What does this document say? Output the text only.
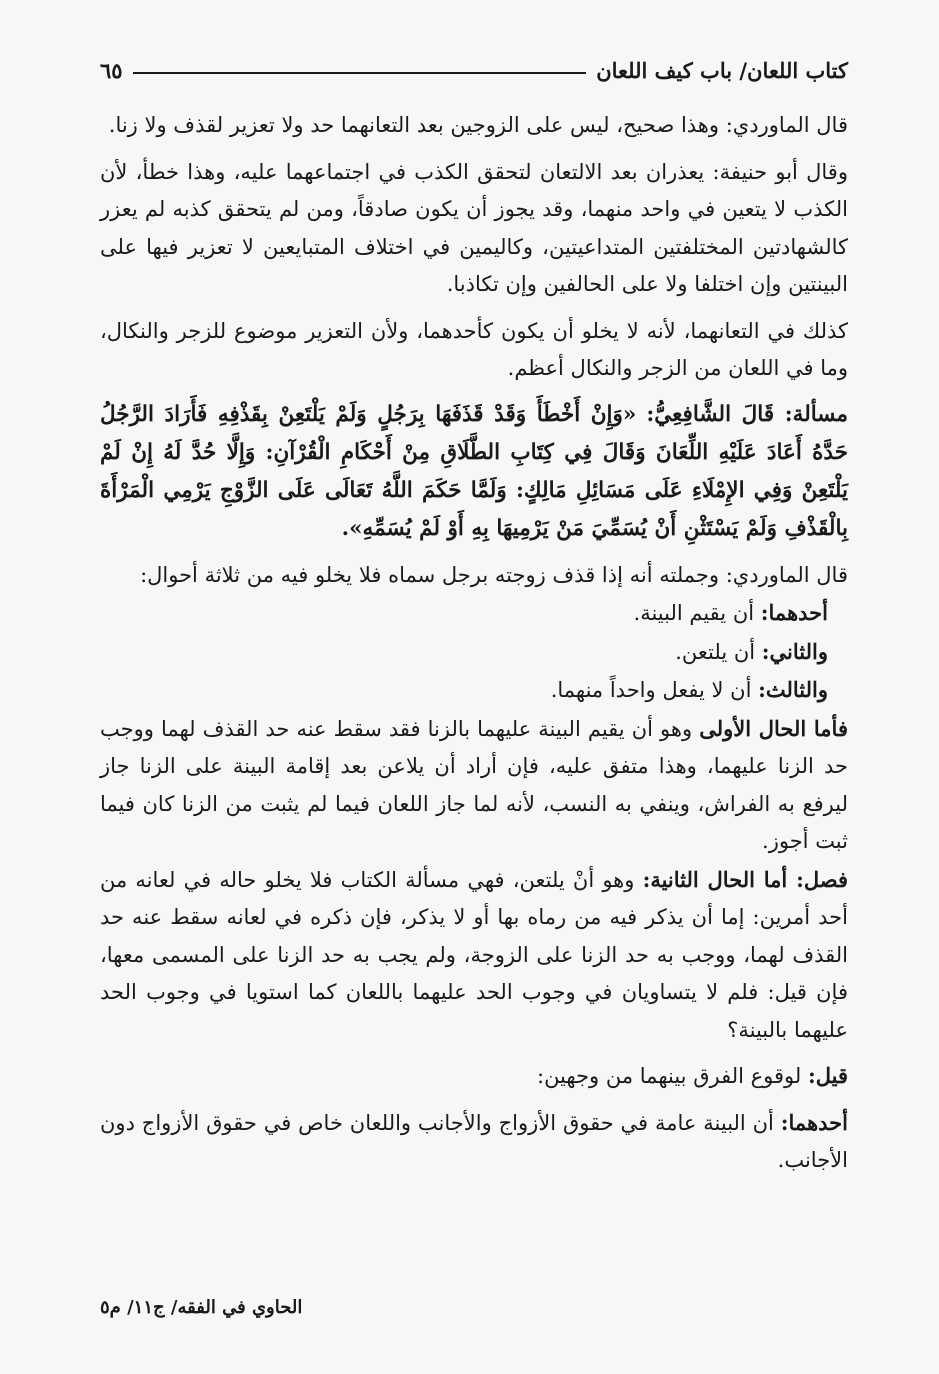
٦٥	كتاب اللعان/ باب كيف اللعان

قال الماوردي: وهذا صحيح، ليس على الزوجين بعد التعانهما حد ولا تعزير لقذف ولا زنا.

وقال أبو حنيفة: يعذران بعد الالتعان لتحقق الكذب في اجتماعهما عليه، وهذا خطأ، لأن الكذب لا يتعين في واحد منهما، وقد يجوز أن يكون صادقاً، ومن لم يتحقق كذبه لم يعزر كالشهادتين المختلفتين المتداعيتين، وكاليمين في اختلاف المتبايعين لا تعزير فيها على البينتين وإن اختلفا ولا على الحالفين وإن تكاذبا.

كذلك في التعانهما، لأنه لا يخلو أن يكون كأحدهما، ولأن التعزير موضوع للزجر والنكال، وما في اللعان من الزجر والنكال أعظم.

مسألة: قَالَ الشَّافِعِيُّ: «وَإِنْ أَخْطَأَ وَقَدْ قَذَفَهَا بِرَجُلٍ وَلَمْ يَلْتَعِنْ بِقَذْفِهِ فَأَرَادَ الرَّجُلُ حَدَّهُ أَعَادَ عَلَيْهِ اللِّعَانَ وَقَالَ فِي كِتَابِ الطَّلَاقِ مِنْ أَحْكَامِ الْقُرْآنِ: وَإِلَّا حُدَّ لَهُ إِنْ لَمْ يَلْتَعِنْ وَفِي الإِمْلَاءِ عَلَى مَسَائِلِ مَالِكٍ: وَلَمَّا حَكَمَ اللَّهُ تَعَالَى عَلَى الزَّوْجِ يَرْمِي الْمَرْأَةَ بِالْقَذْفِ وَلَمْ يَسْتَثْنِ أَنْ يُسَمِّيَ مَنْ يَرْمِيهَا بِهِ أَوْ لَمْ يُسَمِّهِ».

قال الماوردي: وجملته أنه إذا قذف زوجته برجل سماه فلا يخلو فيه من ثلاثة أحوال:

أحدهما: أن يقيم البينة.

والثاني: أن يلتعن.

والثالث: أن لا يفعل واحداً منهما.

فأما الحال الأولى وهو أن يقيم البينة عليهما بالزنا فقد سقط عنه حد القذف لهما ووجب حد الزنا عليهما، وهذا متفق عليه، فإن أراد أن يلاعن بعد إقامة البينة على الزنا جاز ليرفع به الفراش، وينفي به النسب، لأنه لما جاز اللعان فيما لم يثبت من الزنا كان فيما ثبت أجوز.

فصل: أما الحال الثانية: وهو أنْ يلتعن، فهي مسألة الكتاب فلا يخلو حاله في لعانه من أحد أمرين: إما أن يذكر فيه من رماه بها أو لا يذكر، فإن ذكره في لعانه سقط عنه حد القذف لهما، ووجب به حد الزنا على الزوجة، ولم يجب به حد الزنا على المسمى معها، فإن قيل: فلم لا يتساويان في وجوب الحد عليهما باللعان كما استويا في وجوب الحد عليهما بالبينة؟

قيل: لوقوع الفرق بينهما من وجهين:

أحدهما: أن البينة عامة في حقوق الأزواج والأجانب واللعان خاص في حقوق الأزواج دون الأجانب.

الحاوي في الفقه/ ج١١/ م٥
